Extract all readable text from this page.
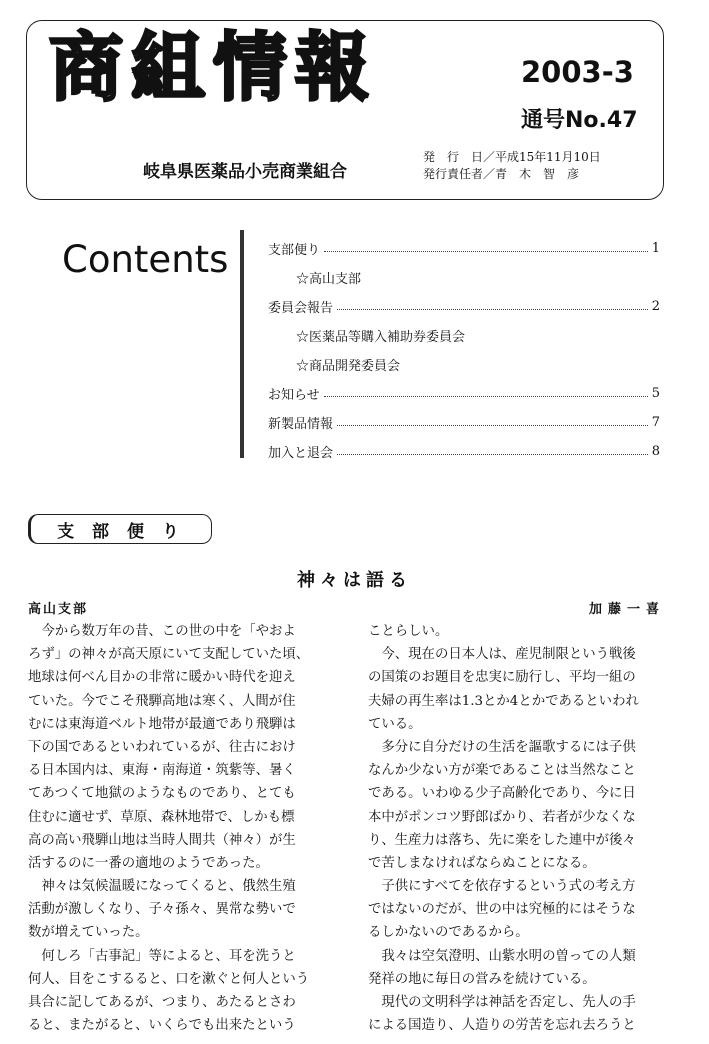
商組情報	2003-3
通号No.47
岐阜県医薬品小売商業組合
発　行　日／平成15年11月10日
発行責任者／青　木　智　彦
Contents	支部便り	1
☆高山支部
委員会報告	2
☆医薬品等購入補助券委員会
☆商品開発委員会
お知らせ	5
新製品情報	7
加入と退会	8
支 部 便 り
神々は語る
高山支部	加藤一喜
　今から数万年の昔、この世の中を「やおよ
ろず」の神々が高天原にいて支配していた頃、
地球は何べん目かの非常に暖かい時代を迎え
ていた。今でこそ飛騨高地は寒く、人間が住
むには東海道ベルト地帯が最適であり飛騨は
下の国であるといわれているが、往古におけ
る日本国内は、東海・南海道・筑紫等、暑く
てあつくて地獄のようなものであり、とても
住むに適せず、草原、森林地帯で、しかも標
高の高い飛騨山地は当時人間共（神々）が生
活するのに一番の適地のようであった。
　神々は気候温暖になってくると、俄然生殖
活動が激しくなり、子々孫々、異常な勢いで
数が増えていった。
　何しろ「古事記」等によると、耳を洗うと
何人、目をこするると、口を漱ぐと何人という
具合に記してあるが、つまり、あたるとさわ
ると、またがると、いくらでも出来たという
ことらしい。
　今、現在の日本人は、産児制限という戦後
の国策のお題目を忠実に励行し、平均一組の
夫婦の再生率は1.3とか4とかであるといわれ
ている。
　多分に自分だけの生活を謳歌するには子供
なんか少ない方が楽であることは当然なこと
である。いわゆる少子高齢化であり、今に日
本中がポンコツ野郎ばかり、若者が少なくな
り、生産力は落ち、先に楽をした連中が後々
で苦しまなければならぬことになる。
　子供にすべてを依存するという式の考え方
ではないのだが、世の中は究極的にはそうな
るしかないのであるから。
　我々は空気澄明、山紫水明の曽っての人類
発祥の地に毎日の営みを続けている。
　現代の文明科学は神話を否定し、先人の手
による国造り、人造りの労苦を忘れ去ろうと
